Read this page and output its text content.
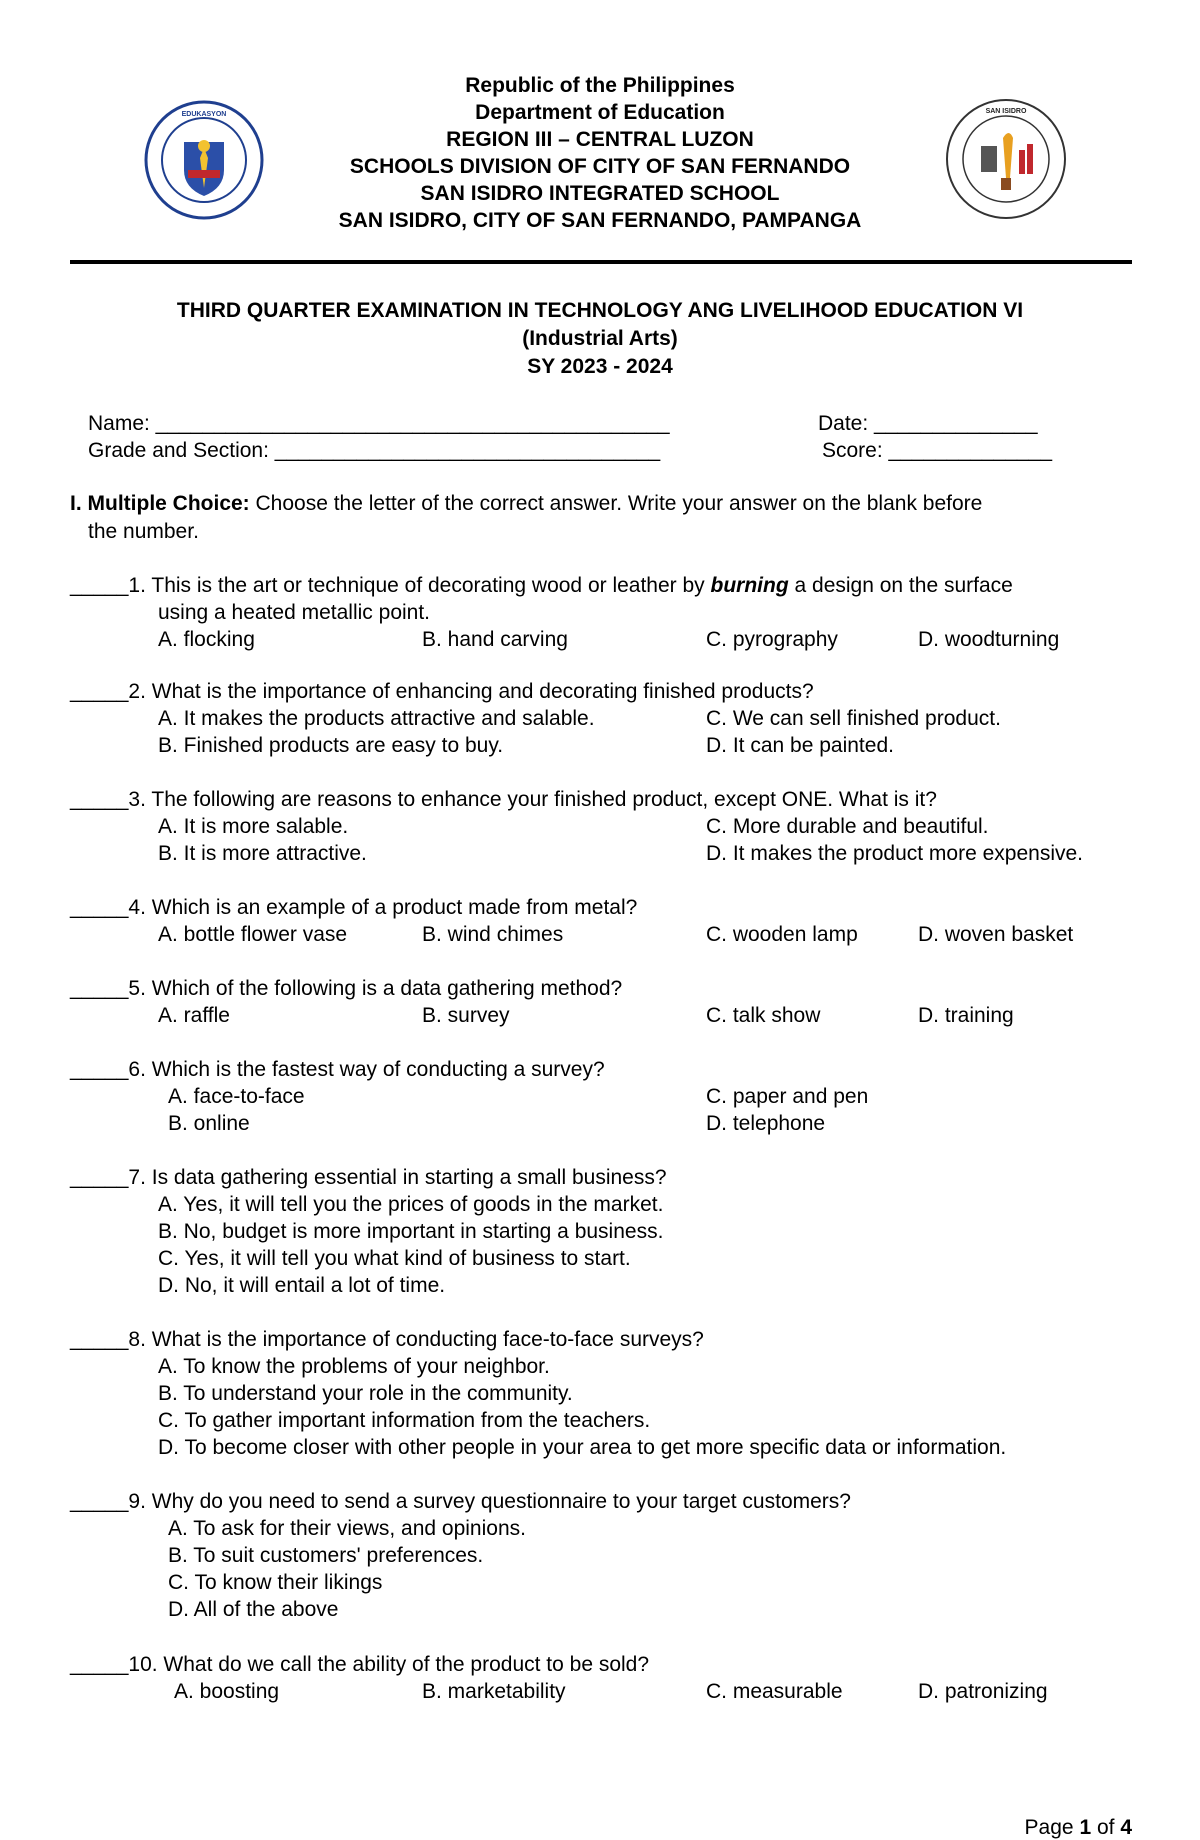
EDUKASYON	SAN ISIDRO
Republic of the Philippines
Department of Education
REGION III – CENTRAL LUZON
SCHOOLS DIVISION OF CITY OF SAN FERNANDO
SAN ISIDRO INTEGRATED SCHOOL
SAN ISIDRO, CITY OF SAN FERNANDO, PAMPANGA
THIRD QUARTER EXAMINATION IN TECHNOLOGY ANG LIVELIHOOD EDUCATION VI
(Industrial Arts)
SY 2023 - 2024
Name: ____________________________________________	Date: ______________
Grade and Section: _________________________________	Score: ______________
I. Multiple Choice: Choose the letter of the correct answer. Write your answer on the blank before
the number.
_____1. This is the art or technique of decorating wood or leather by burning a design on the surface
using a heated metallic point.
A. flocking	B. hand carving	C. pyrography	D. woodturning
_____2. What is the importance of enhancing and decorating finished products?
A. It makes the products attractive and salable.	C. We can sell finished product.
B. Finished products are easy to buy.	D. It can be painted.
_____3. The following are reasons to enhance your finished product, except ONE. What is it?
A. It is more salable.	C. More durable and beautiful.
B. It is more attractive.	D. It makes the product more expensive.
_____4. Which is an example of a product made from metal?
A. bottle flower vase	B. wind chimes	C. wooden lamp	D. woven basket
_____5. Which of the following is a data gathering method?
A. raffle	B. survey	C. talk show	D. training
_____6. Which is the fastest way of conducting a survey?
A. face-to-face	C. paper and pen
B. online	D. telephone
_____7. Is data gathering essential in starting a small business?
A. Yes, it will tell you the prices of goods in the market.
B. No, budget is more important in starting a business.
C. Yes, it will tell you what kind of business to start.
D. No, it will entail a lot of time.
_____8. What is the importance of conducting face-to-face surveys?
A. To know the problems of your neighbor.
B. To understand your role in the community.
C. To gather important information from the teachers.
D. To become closer with other people in your area to get more specific data or information.
_____9. Why do you need to send a survey questionnaire to your target customers?
A. To ask for their views, and opinions.
B. To suit customers' preferences.
C. To know their likings
D. All of the above
_____10. What do we call the ability of the product to be sold?
A. boosting	B. marketability	C. measurable	D. patronizing
Page 1 of 4
